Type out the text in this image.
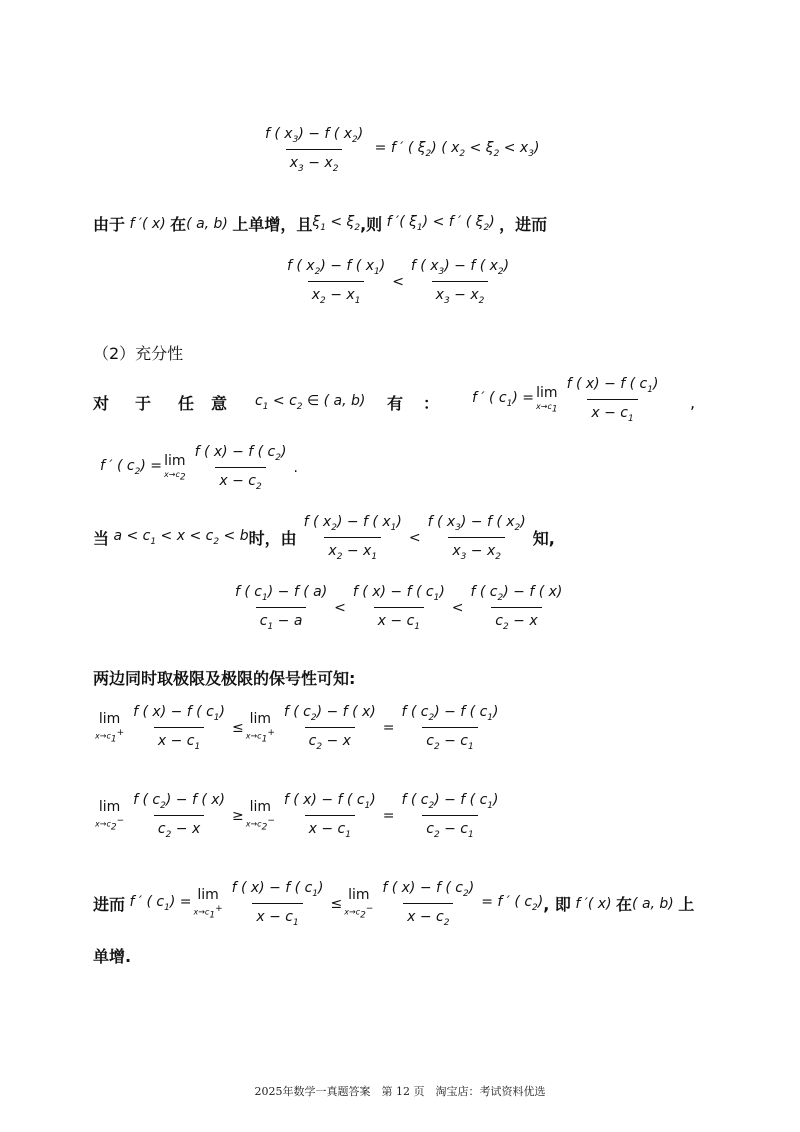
$\frac{f ( x_3) - f ( x_2)}{x_3 - x_2} = f$ ′ ( $\xi_2$) ( $x_2 < \xi_2 < x_3$)
由于 f ′( x) 在 ( a, b) 上单增，且 $\xi_1 < \xi_2$ ,则 f ′( $\xi_1) < f$ ′ ( $\xi_2$) ，进而
$\frac{f ( x_2) - f ( x_1)}{x_2 - x_1} < \frac{f ( x_3) - f ( x_2)}{x_3 - x_2}$
（2）充分性
对 于 任 意 $c_1 < c_2$ ∈ ( a, b) 有 ： f ′ ( $c_1) = \lim$
$x\to c_1 \frac{f ( x) - f ( c_1)}{x - c_1}$ ,
f ′ ( $c_2) = \lim$
$x\to c_2 \frac{f ( x) - f ( c_2)}{x - c_2}$ .
当 $a < c_1 < x < c_2 < b$ 时，由 $\frac{f ( x_2) - f ( x_1)}{x_2 - x_1} < \frac{f ( x_3) - f ( x_2)}{x_3 - x_2}$ 知,
$\frac{f ( c_1) - f ( a)}{c_1 - a} < \frac{f ( x) - f ( c_1)}{x - c_1} < \frac{f ( c_2) - f ( x)}{c_2 - x}$
两边同时取极限及极限的保号性可知:
lim
$x\to c_1^+ \frac{f ( x) - f ( c_1)}{x - c_1}$ ≤
lim
$x\to c_1^+ \frac{f ( c_2) - f ( x)}{c_2 - x} = \frac{f ( c_2) - f ( c_1)}{c_2 - c_1}$
lim
$x\to c_2^- \frac{f ( c_2) - f ( x)}{c_2 - x}$ ≥
lim
$x\to c_2^- \frac{f ( x) - f ( c_1)}{x - c_1} = \frac{f ( c_2) - f ( c_1)}{c_2 - c_1}$
进而 f ′ ( $c_1) = \lim$
$x\to c_1^+ \frac{f ( x) - f ( c_1)}{x - c_1}$ ≤
lim
$x\to c_2^- \frac{f ( x) - f ( c_2)}{x - c_2} = f$ ′ ( $c_2$) , 即 f ′( x) 在 ( a, b) 上
单增.
2025年数学一真题答案　第 12 页　淘宝店：考试资料优选
